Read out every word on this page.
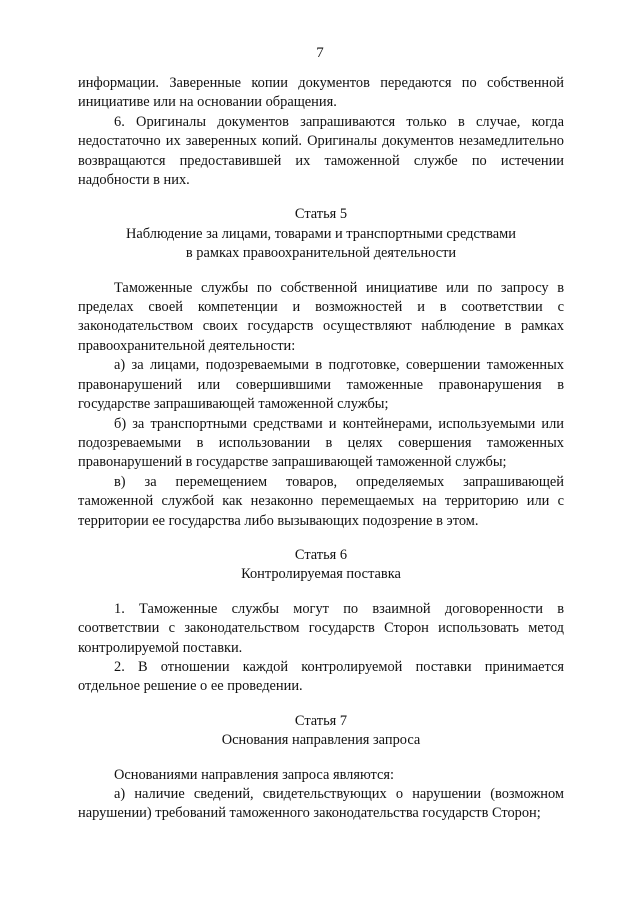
7

информации. Заверенные копии документов передаются по собственной инициативе или на основании обращения.

6. Оригиналы документов запрашиваются только в случае, когда недостаточно их заверенных копий. Оригиналы документов незамедлительно возвращаются предоставившей их таможенной службе по истечении надобности в них.

Статья 5

Наблюдение за лицами, товарами и транспортными средствами
в рамках правоохранительной деятельности

Таможенные службы по собственной инициативе или по запросу в пределах своей компетенции и возможностей и в соответствии с законодательством своих государств осуществляют наблюдение в рамках правоохранительной деятельности:

а) за лицами, подозреваемыми в подготовке, совершении таможенных правонарушений или совершившими таможенные правонарушения в государстве запрашивающей таможенной службы;

б) за транспортными средствами и контейнерами, используемыми или подозреваемыми в использовании в целях совершения таможенных правонарушений в государстве запрашивающей таможенной службы;

в) за перемещением товаров, определяемых запрашивающей таможенной службой как незаконно перемещаемых на территорию или с территории ее государства либо вызывающих подозрение в этом.

Статья 6

Контролируемая поставка

1. Таможенные службы могут по взаимной договоренности в соответствии с законодательством государств Сторон использовать метод контролируемой поставки.

2. В отношении каждой контролируемой поставки принимается отдельное решение о ее проведении.

Статья 7

Основания направления запроса

Основаниями направления запроса являются:

а) наличие сведений, свидетельствующих о нарушении (возможном нарушении) требований таможенного законодательства государств Сторон;
